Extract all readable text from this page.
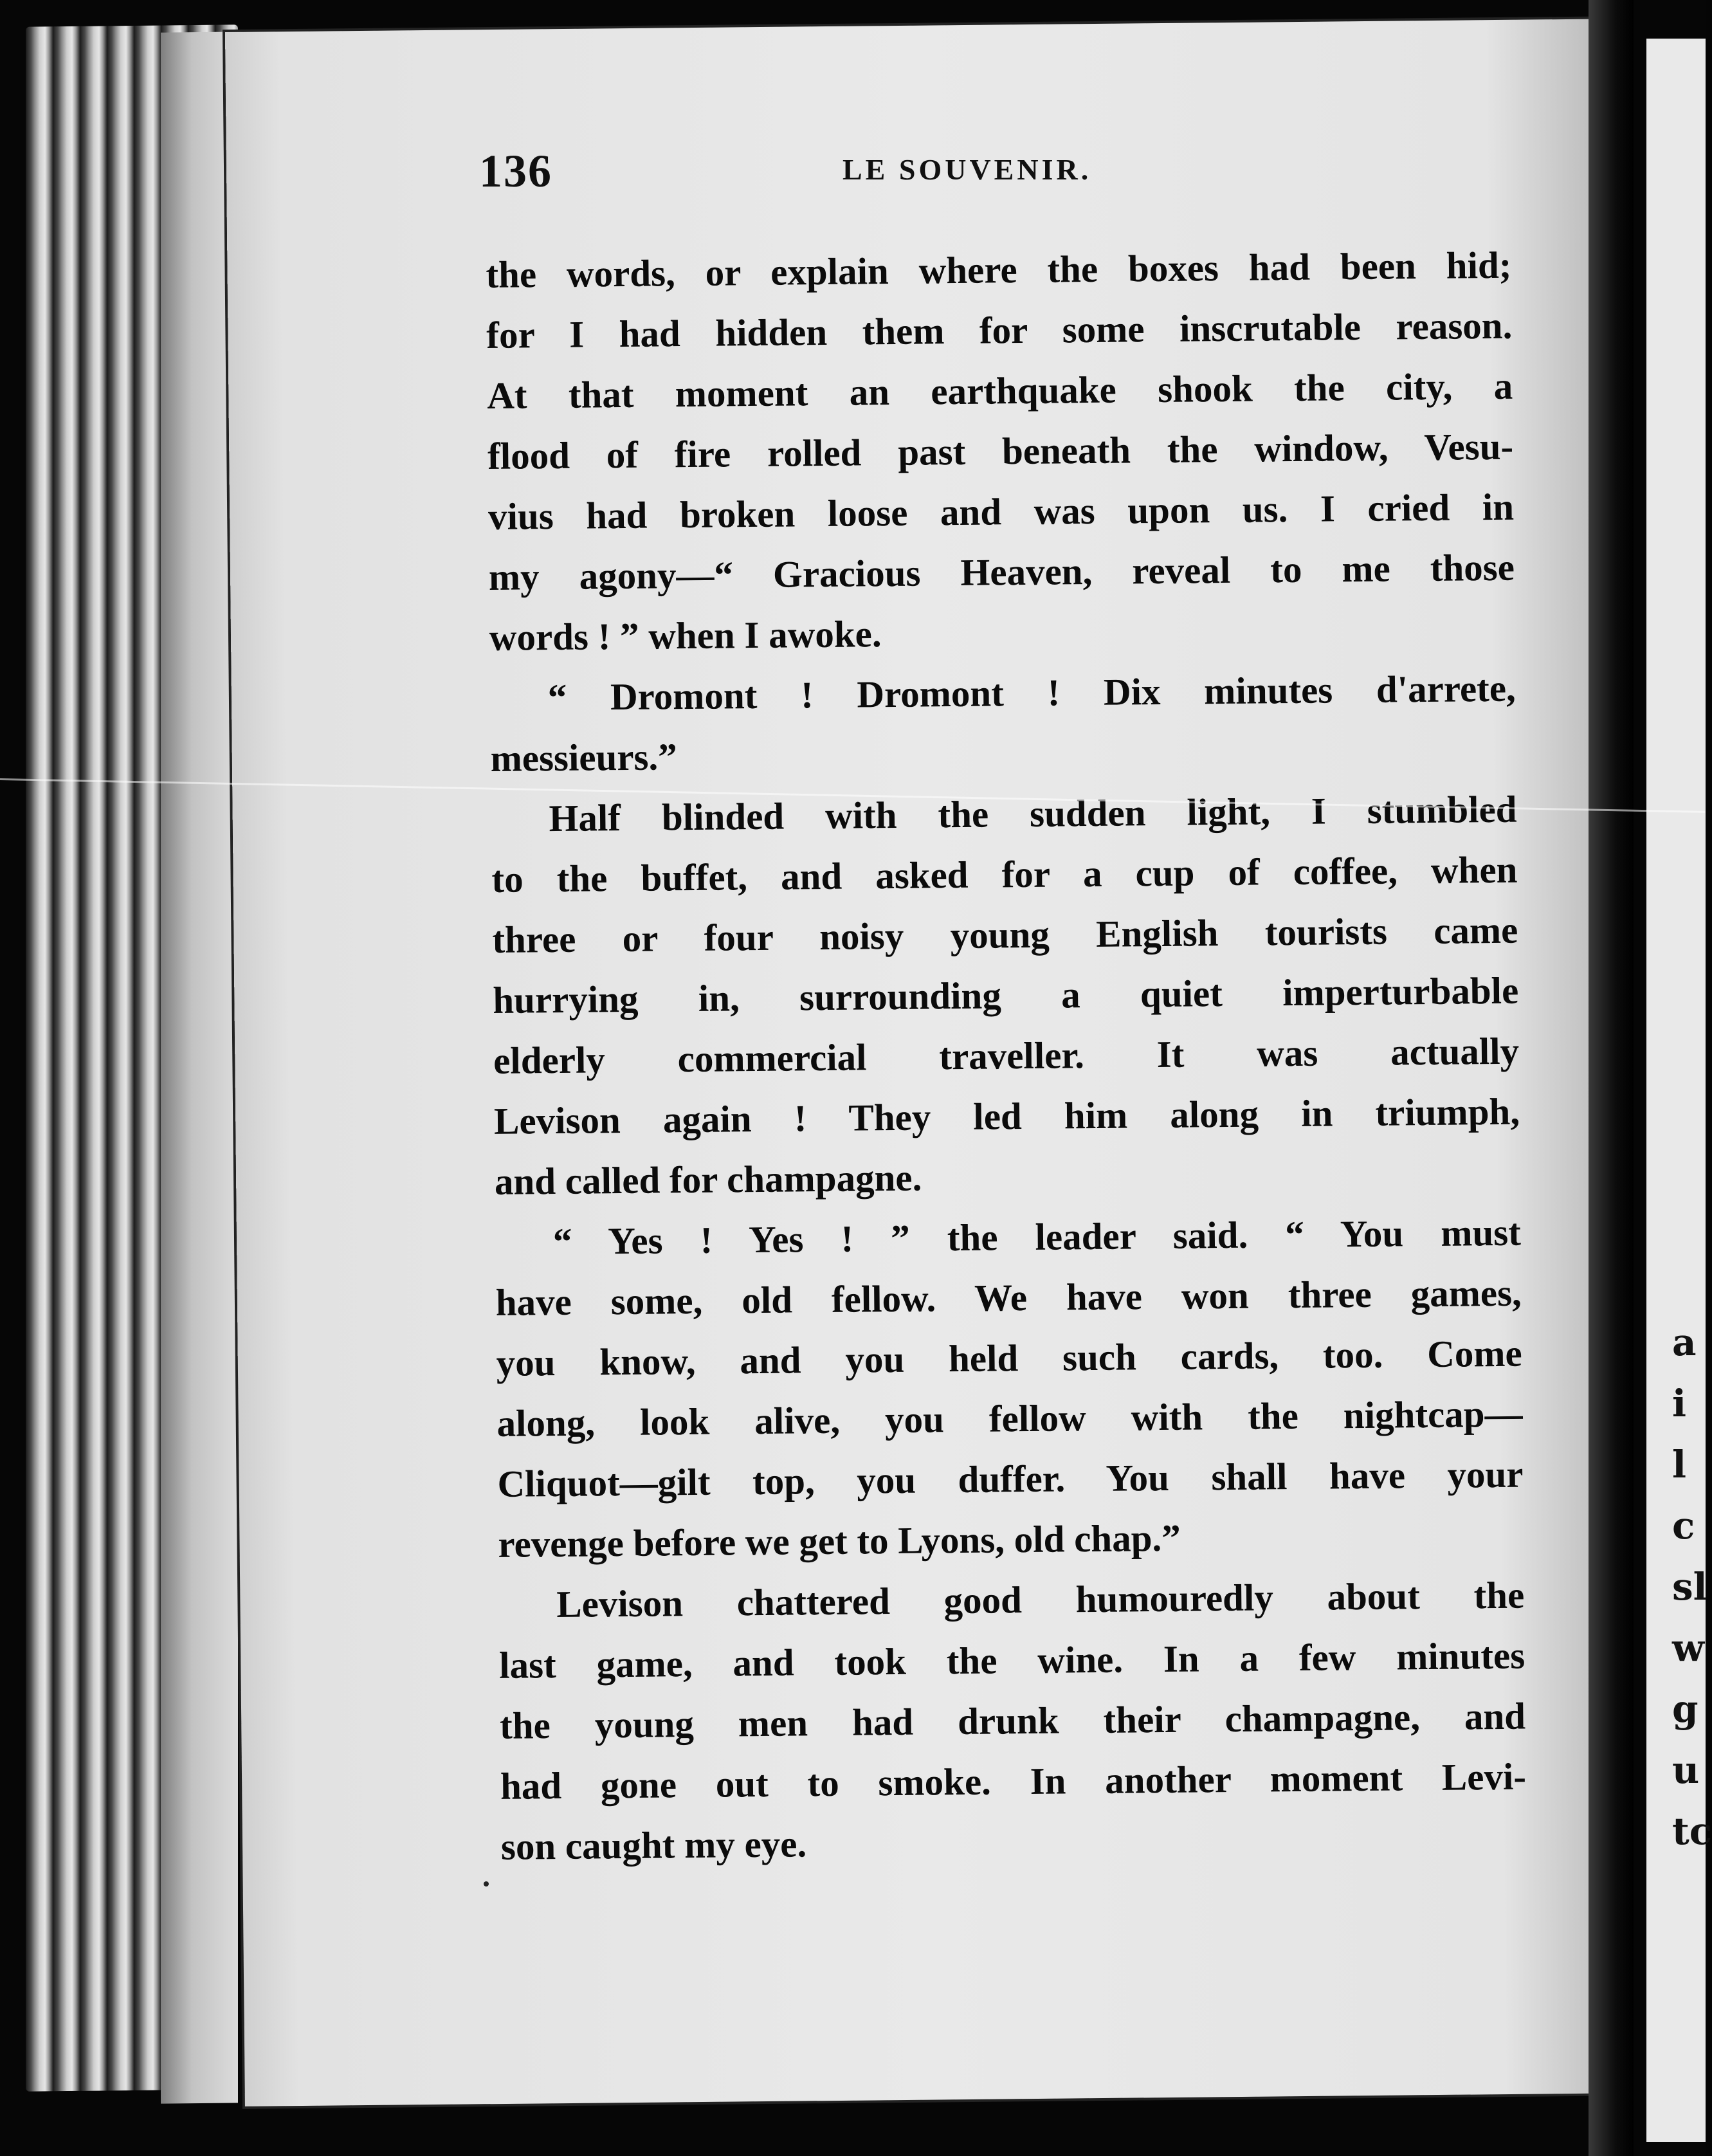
a
i
l
c
sl
w
g
u
tc
136	LE SOUVENIR.
the words, or explain where the boxes had been hid;
for I had hidden them for some inscrutable reason.
At that moment an earthquake shook the city, a
flood of fire rolled past beneath the window, Vesu-
vius had broken loose and was upon us. I cried in
my agony—“ Gracious Heaven, reveal to me those
words ! ” when I awoke.
“ Dromont ! Dromont ! Dix minutes d'arrete,
messieurs.”
Half blinded with the sudden light, I stumbled
to the buffet, and asked for a cup of coffee, when
three or four noisy young English tourists came
hurrying in, surrounding a quiet imperturbable
elderly commercial traveller. It was actually
Levison again ! They led him along in triumph,
and called for champagne.
“ Yes ! Yes ! ” the leader said. “ You must
have some, old fellow. We have won three games,
you know, and you held such cards, too. Come
along, look alive, you fellow with the nightcap—
Cliquot—gilt top, you duffer. You shall have your
revenge before we get to Lyons, old chap.”
Levison chattered good humouredly about the
last game, and took the wine. In a few minutes
the young men had drunk their champagne, and
had gone out to smoke. In another moment Levi-
son caught my eye.
